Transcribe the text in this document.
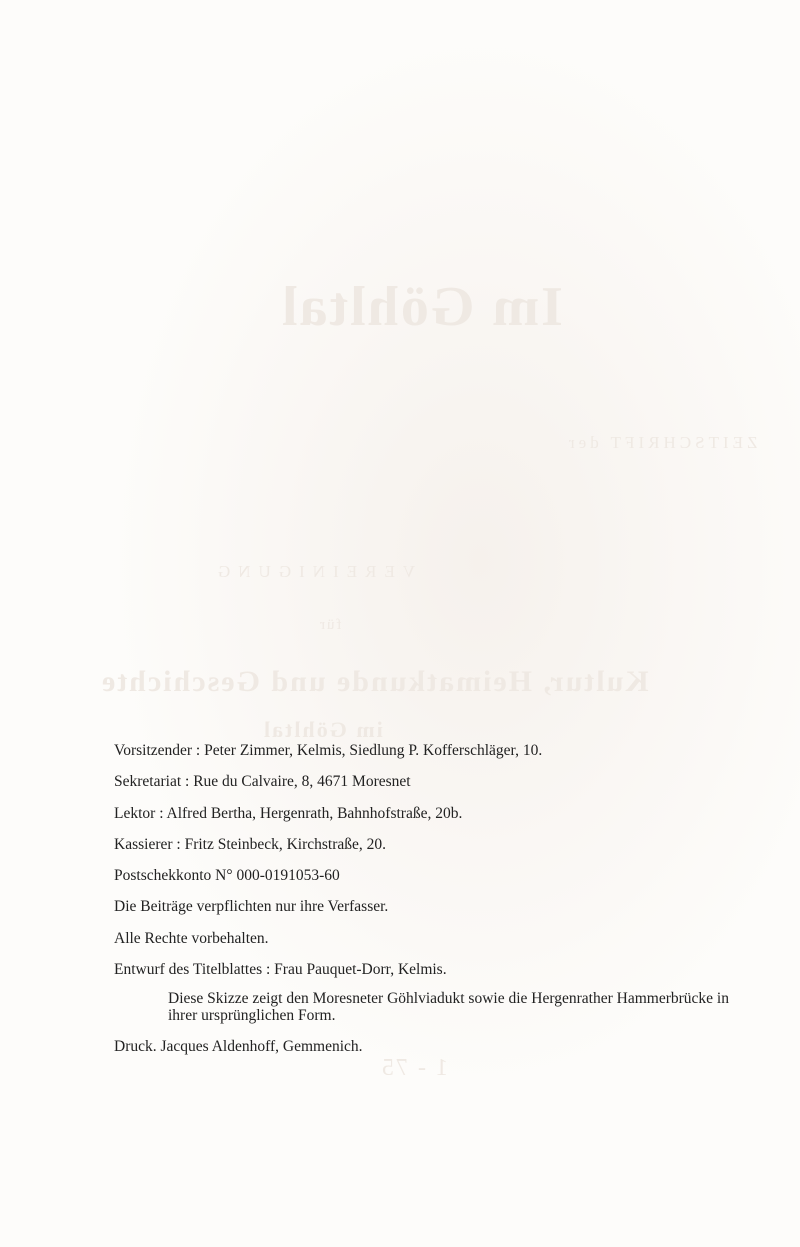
Im Göhltal
ZEITSCHRIFT der
VEREINIGUNG
für
Kultur, Heimatkunde und Geschichte
im Göhltal
1 - 75

Vorsitzender : Peter Zimmer, Kelmis, Siedlung P. Kofferschläger, 10.

Sekretariat : Rue du Calvaire, 8, 4671 Moresnet

Lektor : Alfred Bertha, Hergenrath, Bahnhofstraße, 20b.

Kassierer : Fritz Steinbeck, Kirchstraße, 20.

Postschekkonto N° 000-0191053-60

Die Beiträge verpflichten nur ihre Verfasser.

Alle Rechte vorbehalten.

Entwurf des Titelblattes : Frau Pauquet-Dorr, Kelmis.

Diese Skizze zeigt den Moresneter Göhlviadukt sowie die Hergenrather Hammerbrücke in ihrer ursprünglichen Form.

Druck. Jacques Aldenhoff, Gemmenich.
